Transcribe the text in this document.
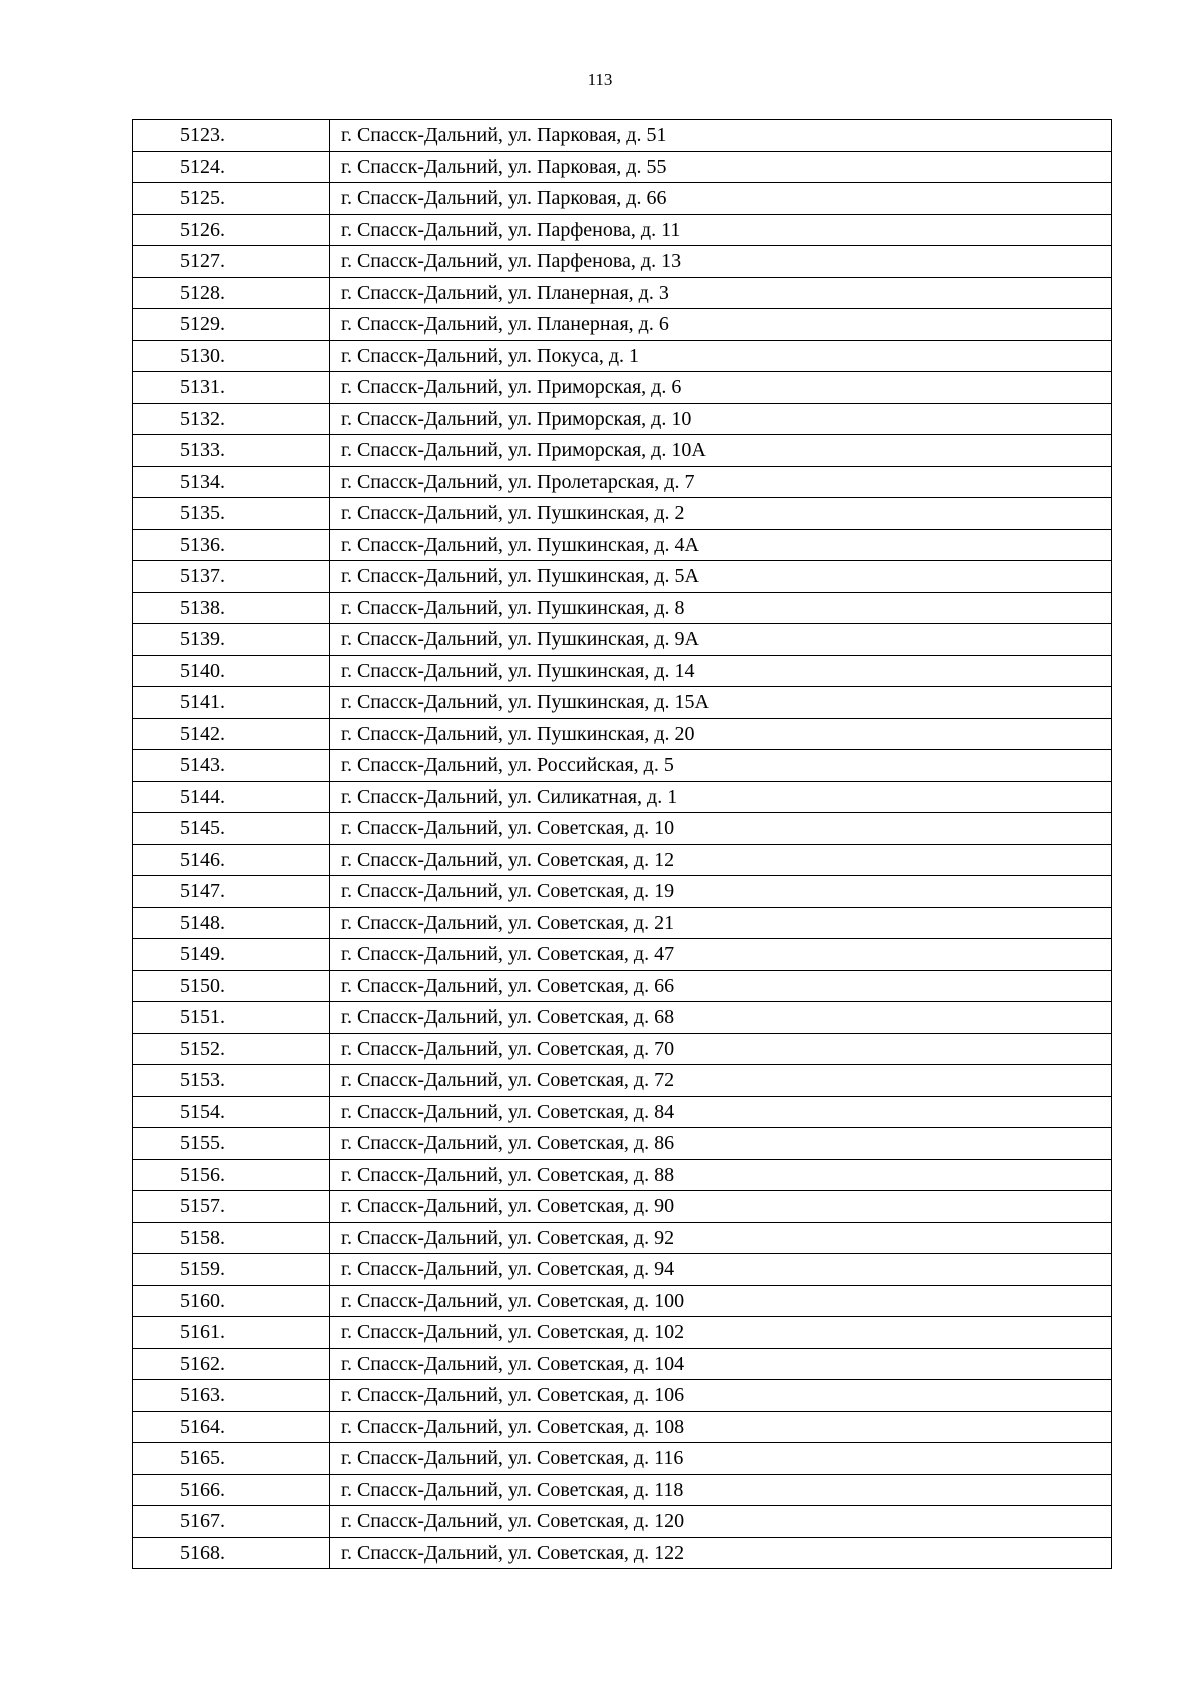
113
5123.	г. Спасск-Дальний, ул. Парковая, д. 51
5124.	г. Спасск-Дальний, ул. Парковая, д. 55
5125.	г. Спасск-Дальний, ул. Парковая, д. 66
5126.	г. Спасск-Дальний, ул. Парфенова, д. 11
5127.	г. Спасск-Дальний, ул. Парфенова, д. 13
5128.	г. Спасск-Дальний, ул. Планерная, д. 3
5129.	г. Спасск-Дальний, ул. Планерная, д. 6
5130.	г. Спасск-Дальний, ул. Покуса, д. 1
5131.	г. Спасск-Дальний, ул. Приморская, д. 6
5132.	г. Спасск-Дальний, ул. Приморская, д. 10
5133.	г. Спасск-Дальний, ул. Приморская, д. 10А
5134.	г. Спасск-Дальний, ул. Пролетарская, д. 7
5135.	г. Спасск-Дальний, ул. Пушкинская, д. 2
5136.	г. Спасск-Дальний, ул. Пушкинская, д. 4А
5137.	г. Спасск-Дальний, ул. Пушкинская, д. 5А
5138.	г. Спасск-Дальний, ул. Пушкинская, д. 8
5139.	г. Спасск-Дальний, ул. Пушкинская, д. 9А
5140.	г. Спасск-Дальний, ул. Пушкинская, д. 14
5141.	г. Спасск-Дальний, ул. Пушкинская, д. 15А
5142.	г. Спасск-Дальний, ул. Пушкинская, д. 20
5143.	г. Спасск-Дальний, ул. Российская, д. 5
5144.	г. Спасск-Дальний, ул. Силикатная, д. 1
5145.	г. Спасск-Дальний, ул. Советская, д. 10
5146.	г. Спасск-Дальний, ул. Советская, д. 12
5147.	г. Спасск-Дальний, ул. Советская, д. 19
5148.	г. Спасск-Дальний, ул. Советская, д. 21
5149.	г. Спасск-Дальний, ул. Советская, д. 47
5150.	г. Спасск-Дальний, ул. Советская, д. 66
5151.	г. Спасск-Дальний, ул. Советская, д. 68
5152.	г. Спасск-Дальний, ул. Советская, д. 70
5153.	г. Спасск-Дальний, ул. Советская, д. 72
5154.	г. Спасск-Дальний, ул. Советская, д. 84
5155.	г. Спасск-Дальний, ул. Советская, д. 86
5156.	г. Спасск-Дальний, ул. Советская, д. 88
5157.	г. Спасск-Дальний, ул. Советская, д. 90
5158.	г. Спасск-Дальний, ул. Советская, д. 92
5159.	г. Спасск-Дальний, ул. Советская, д. 94
5160.	г. Спасск-Дальний, ул. Советская, д. 100
5161.	г. Спасск-Дальний, ул. Советская, д. 102
5162.	г. Спасск-Дальний, ул. Советская, д. 104
5163.	г. Спасск-Дальний, ул. Советская, д. 106
5164.	г. Спасск-Дальний, ул. Советская, д. 108
5165.	г. Спасск-Дальний, ул. Советская, д. 116
5166.	г. Спасск-Дальний, ул. Советская, д. 118
5167.	г. Спасск-Дальний, ул. Советская, д. 120
5168.	г. Спасск-Дальний, ул. Советская, д. 122
